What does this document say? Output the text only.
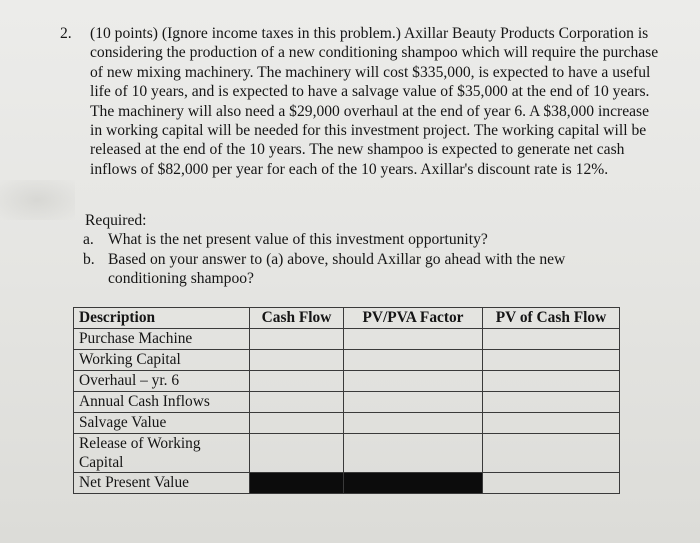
2. (10 points) (Ignore income taxes in this problem.) Axillar Beauty Products Corporation is considering the production of a new conditioning shampoo which will require the purchase of new mixing machinery. The machinery will cost $335,000, is expected to have a useful life of 10 years, and is expected to have a salvage value of $35,000 at the end of 10 years. The machinery will also need a $29,000 overhaul at the end of year 6. A $38,000 increase in working capital will be needed for this investment project. The working capital will be released at the end of the 10 years. The new shampoo is expected to generate net cash inflows of $82,000 per year for each of the 10 years. Axillar's discount rate is 12%.
Required:
a. What is the net present value of this investment opportunity?
b. Based on your answer to (a) above, should Axillar go ahead with the new conditioning shampoo?
Description	Cash Flow	PV/PVA Factor	PV of Cash Flow
Purchase Machine			
Working Capital			
Overhaul – yr. 6			
Annual Cash Inflows			
Salvage Value			
Release of Working
Capital			
Net Present Value			
